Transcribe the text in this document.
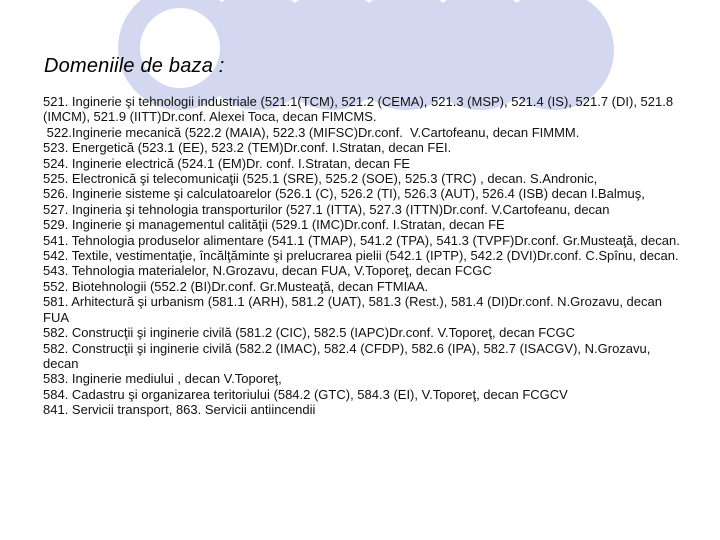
Domeniile de baza :
521. Inginerie şi tehnologii industriale (521.1(TCM), 521.2 (CEMA), 521.3 (MSP), 521.4 (IS), 521.7 (DI), 521.8 (IMCM), 521.9 (IITT)Dr.conf. Alexei Toca, decan FIMCMS.
522.Inginerie mecanică (522.2 (MAIA), 522.3 (MIFSC)Dr.conf.  V.Cartofeanu, decan FIMMM.
523. Energetică (523.1 (EE), 523.2 (TEM)Dr.conf. I.Stratan, decan FEI.
524. Inginerie electrică (524.1 (EM)Dr. conf. I.Stratan, decan FE
525. Electronică şi telecomunicaţii (525.1 (SRE), 525.2 (SOE), 525.3 (TRC) , decan. S.Andronic,
526. Inginerie sisteme şi calculatoarelor (526.1 (C), 526.2 (TI), 526.3 (AUT), 526.4 (ISB) decan I.Balmuş,
527. Ingineria şi tehnologia transporturilor (527.1 (ITTA), 527.3 (ITTN)Dr.conf. V.Cartofeanu, decan
529. Inginerie şi managementul calităţii (529.1 (IMC)Dr.conf. I.Stratan, decan FE
541. Tehnologia produselor alimentare (541.1 (TMAP), 541.2 (TPA), 541.3 (TVPF)Dr.conf. Gr.Musteaţă, decan.
542. Textile, vestimentaţie, încălţăminte şi prelucrarea pielii (542.1 (IPTP), 542.2 (DVI)Dr.conf. C.Spînu, decan.
543. Tehnologia materialelor, N.Grozavu, decan FUA, V.Toporeţ, decan FCGC
552. Biotehnologii (552.2 (BI)Dr.conf. Gr.Musteaţă, decan FTMIAA.
581. Arhitectură şi urbanism (581.1 (ARH), 581.2 (UAT), 581.3 (Rest.), 581.4 (DI)Dr.conf. N.Grozavu, decan FUA
582. Construcţii şi inginerie civilă (581.2 (CIC), 582.5 (IAPC)Dr.conf. V.Toporeţ, decan FCGC
582. Construcţii şi inginerie civilă (582.2 (IMAC), 582.4 (CFDP), 582.6 (IPA), 582.7 (ISACGV), N.Grozavu, decan
583. Inginerie mediului , decan V.Toporeţ,
584. Cadastru şi organizarea teritoriului (584.2 (GTC), 584.3 (EI), V.Toporeţ, decan FCGCV
841. Servicii transport, 863. Servicii antiincendii
